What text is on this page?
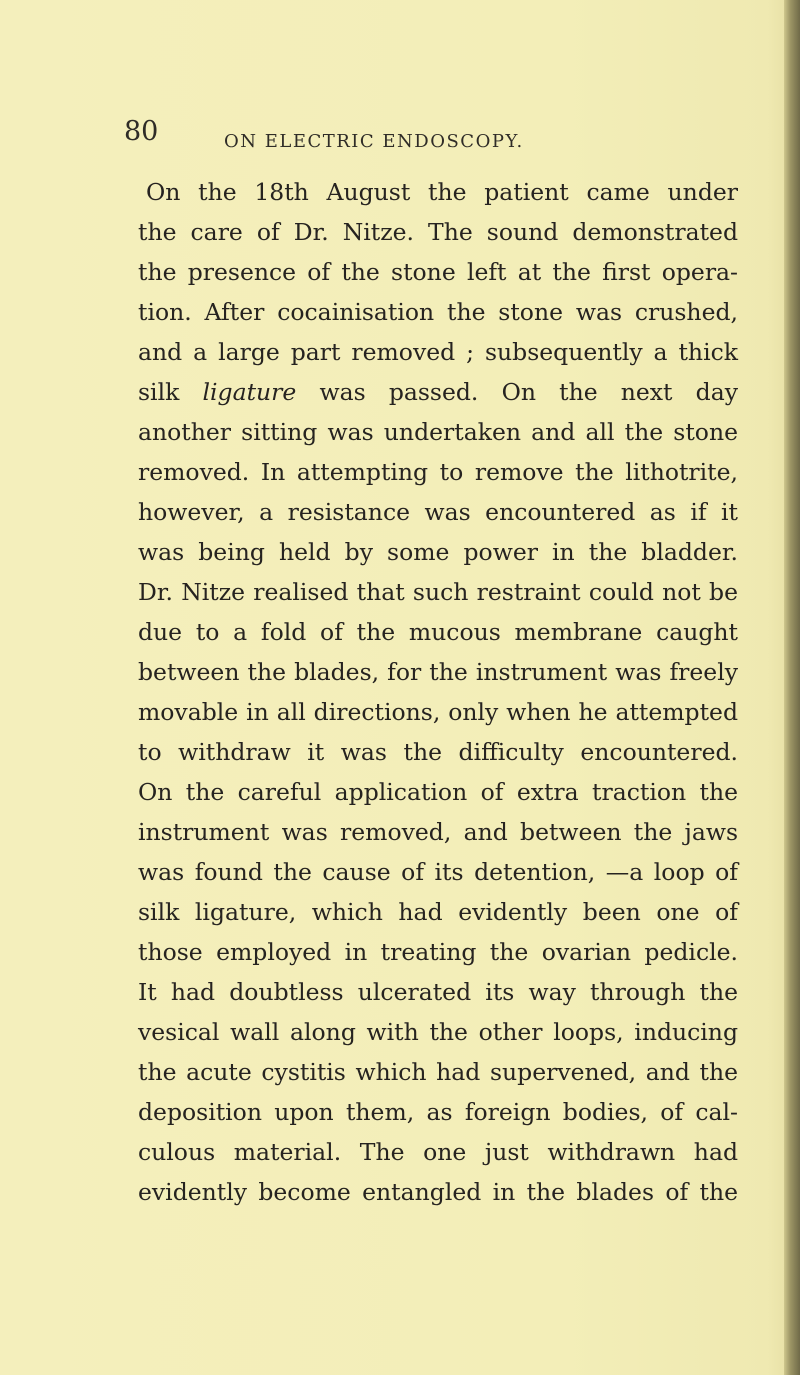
80	ON ELECTRIC ENDOSCOPY.
On the 18th August the patient came under
the care of Dr. Nitze. The sound demonstrated
the presence of the stone left at the first opera-
tion. After cocainisation the stone was crushed,
and a large part removed ; subsequently a thick
silk ligature was passed. On the next day
another sitting was undertaken and all the stone
removed. In attempting to remove the lithotrite,
however, a resistance was encountered as if it
was being held by some power in the bladder.
Dr. Nitze realised that such restraint could not be
due to a fold of the mucous membrane caught
between the blades, for the instrument was freely
movable in all directions, only when he attempted
to withdraw it was the difficulty encountered.
On the careful application of extra traction the
instrument was removed, and between the jaws
was found the cause of its detention, —a loop of
silk ligature, which had evidently been one of
those employed in treating the ovarian pedicle.
It had doubtless ulcerated its way through the
vesical wall along with the other loops, inducing
the acute cystitis which had supervened, and the
deposition upon them, as foreign bodies, of cal-
culous material. The one just withdrawn had
evidently become entangled in the blades of the
